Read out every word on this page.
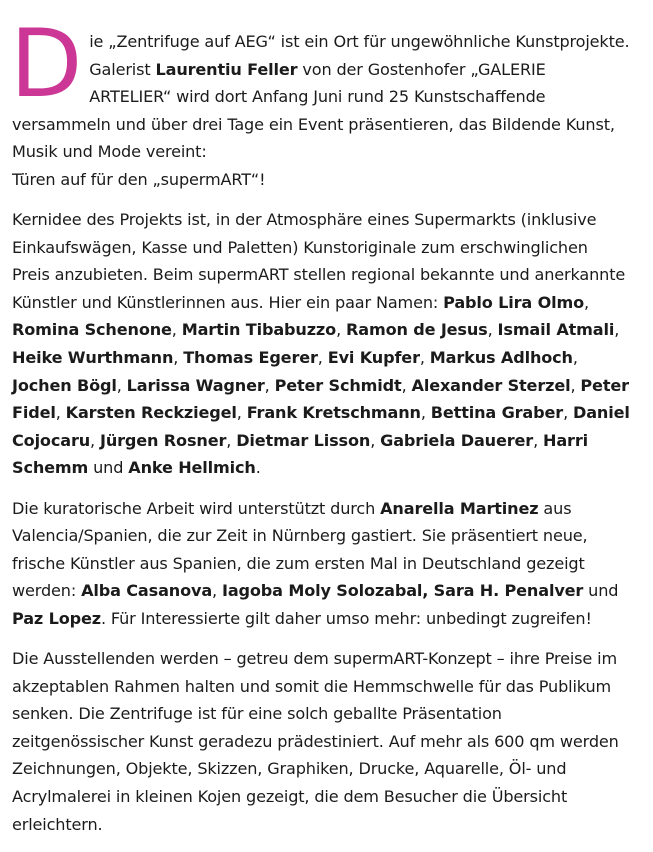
Die „Zentrifuge auf AEG“ ist ein Ort für ungewöhnliche Kunstprojekte. Galerist Laurentiu Feller von der Gostenhofer „GALERIE ARTELIER“ wird dort Anfang Juni rund 25 Kunstschaffende versammeln und über drei Tage ein Event präsentieren, das Bildende Kunst, Musik und Mode vereint:
Türen auf für den „supermART“!

Kernidee des Projekts ist, in der Atmosphäre eines Supermarkts (inklusive Einkaufswägen, Kasse und Paletten) Kunstoriginale zum erschwinglichen Preis anzubieten. Beim supermART stellen regional bekannte und anerkannte Künstler und Künstlerinnen aus. Hier ein paar Namen: Pablo Lira Olmo, Romina Schenone, Martin Tibabuzzo, Ramon de Jesus, Ismail Atmali, Heike Wurthmann, Thomas Egerer, Evi Kupfer, Markus Adlhoch, Jochen Bögl, Larissa Wagner, Peter Schmidt, Alexander Sterzel, Peter Fidel, Karsten Reckziegel, Frank Kretschmann, Bettina Graber, Daniel Cojocaru, Jürgen Rosner, Dietmar Lisson, Gabriela Dauerer, Harri Schemm und Anke Hellmich.

Die kuratorische Arbeit wird unterstützt durch Anarella Martinez aus Valencia/Spanien, die zur Zeit in Nürnberg gastiert. Sie präsentiert neue, frische Künstler aus Spanien, die zum ersten Mal in Deutschland gezeigt werden: Alba Casanova, Iagoba Moly Solozabal, Sara H. Penalver und Paz Lopez. Für Interessierte gilt daher umso mehr: unbedingt zugreifen!

Die Ausstellenden werden – getreu dem supermART-Konzept – ihre Preise im akzeptablen Rahmen halten und somit die Hemmschwelle für das Publikum senken. Die Zentrifuge ist für eine solch geballte Präsentation zeitgenössischer Kunst geradezu prädestiniert. Auf mehr als 600 qm werden Zeichnungen, Objekte, Skizzen, Graphiken, Drucke, Aquarelle, Öl- und Acrylmalerei in kleinen Kojen gezeigt, die dem Besucher die Übersicht erleichtern.
